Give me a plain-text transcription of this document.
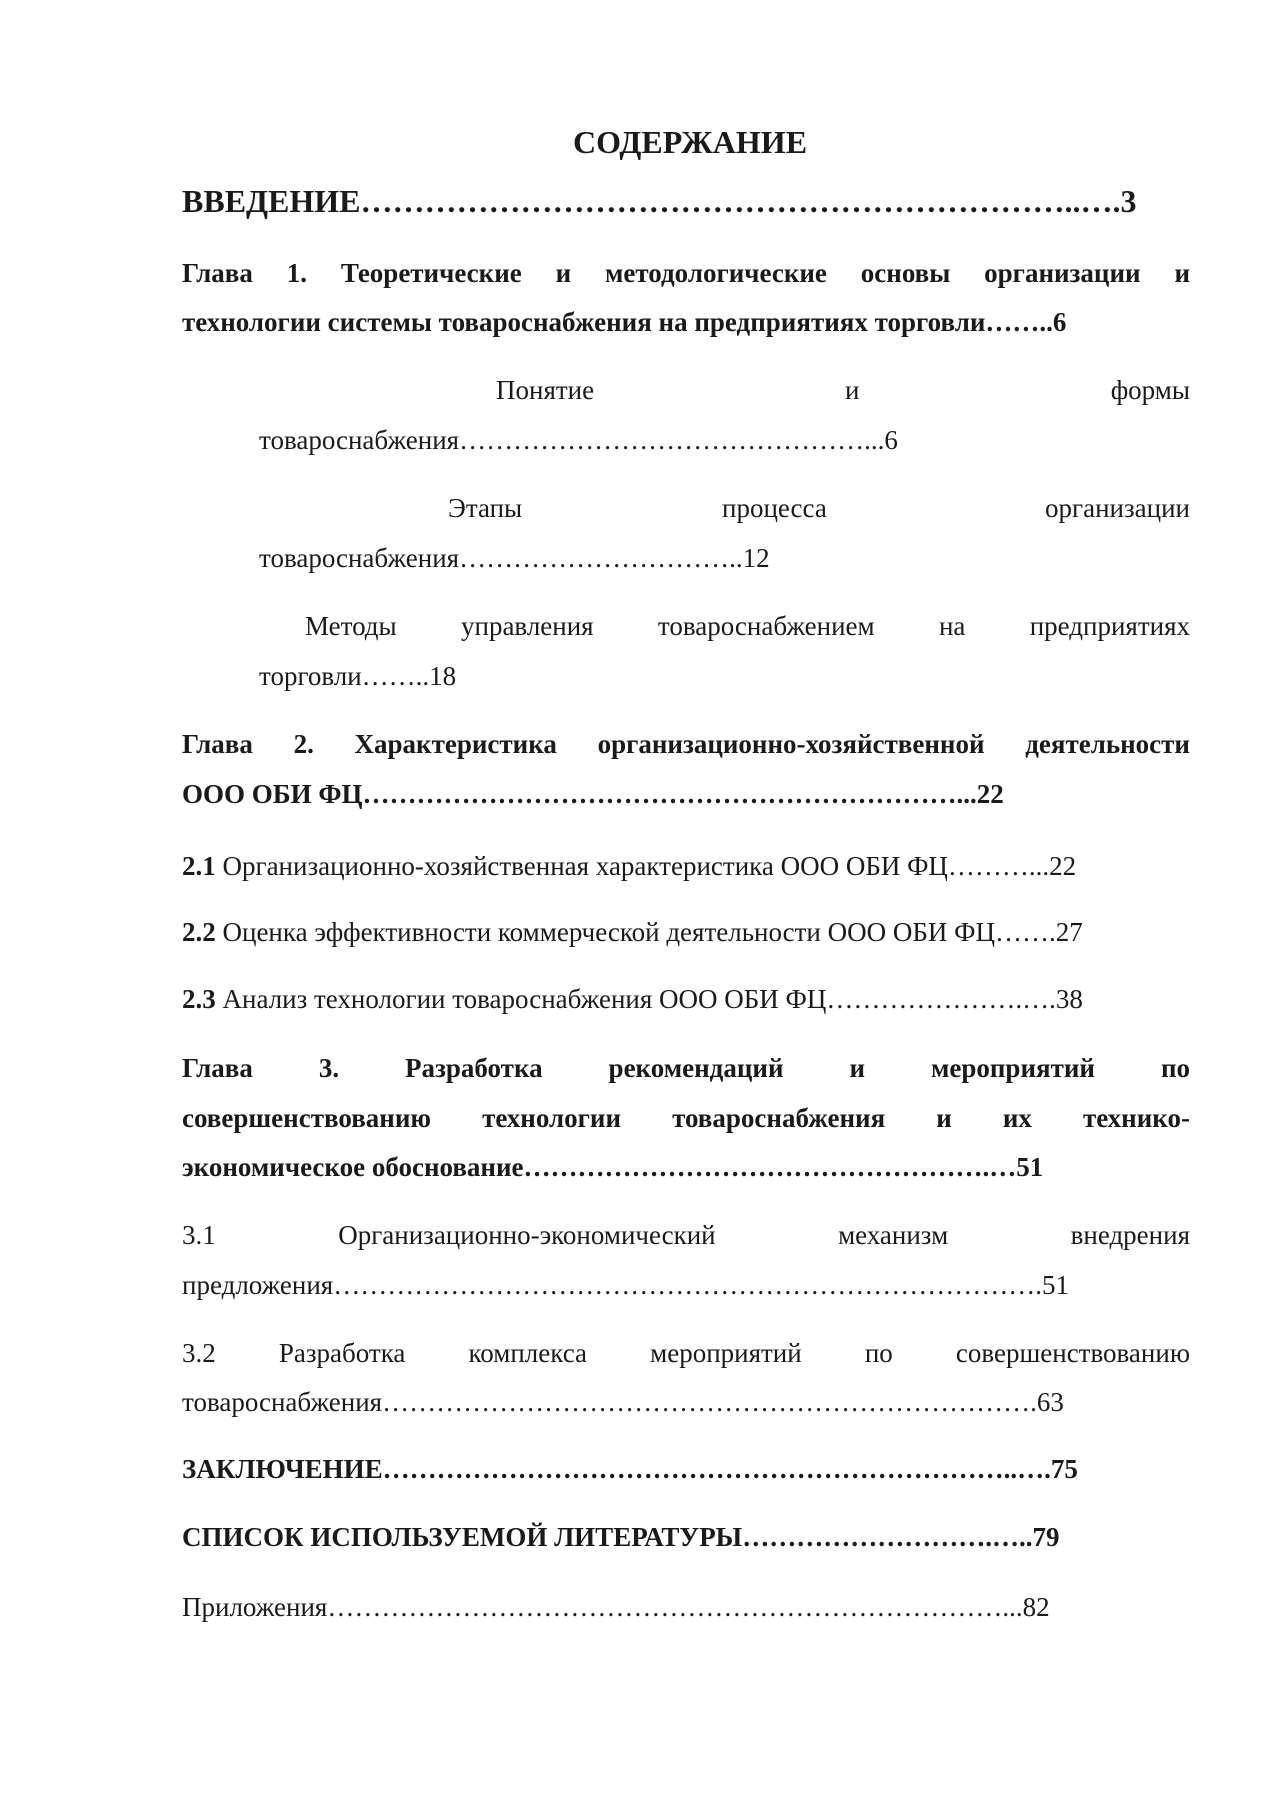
СОДЕРЖАНИЕ
ВВЕДЕНИЕ…………………………………………………………..….3
Глава 1. Теоретические и методологические основы организации и
технологии системы товароснабжения на предприятиях торговли……..6
Понятие	и	формы
товароснабжения………………………………………...6
Этапы	процесса	организации
товароснабжения…………………………..12
Методы управления товароснабжением на предприятиях
торговли……..18
Глава 2. Характеристика организационно-хозяйственной деятельности
ООО ОБИ ФЦ…………………………………………………………...22
2.1 Организационно-хозяйственная характеристика ООО ОБИ ФЦ………...22
2.2 Оценка эффективности коммерческой деятельности ООО ОБИ ФЦ…….27
2.3 Анализ технологии товароснабжения ООО ОБИ ФЦ………………….….38
Глава 3. Разработка рекомендаций и мероприятий по
совершенствованию технологии товароснабжения и их технико-
экономическое обоснование…………………………………………….…51
3.1 Организационно-экономический механизм внедрения
предложения…………………………………………………………………….51
3.2 Разработка комплекса мероприятий по совершенствованию
товароснабжения……………………………………………………………….63
ЗАКЛЮЧЕНИЕ……………………………………………………………..….75
СПИСОК ИСПОЛЬЗУЕМОЙ ЛИТЕРАТУРЫ……………………….…..79
Приложения…………………………………………………………………...82
